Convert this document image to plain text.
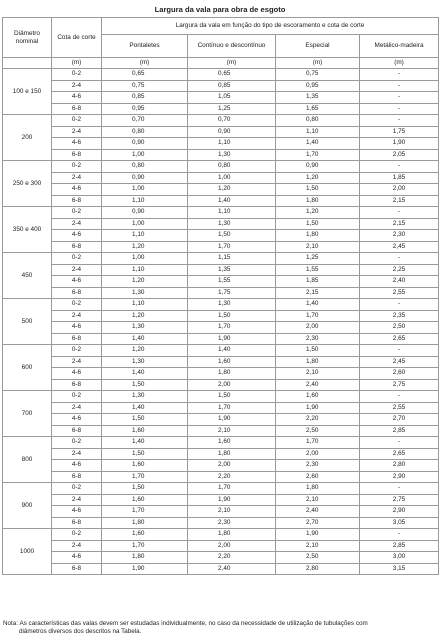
Largura da vala para obra de esgoto
Diâmetro nominal	Cota de corte	Largura da vala em função do tipo de escoramento e cota de corte			
		Pontaletes	Contínuo e descontínuo	Especial	Metálico-madeira
	(m)	(m)	(m)	(m)	(m)
100 e 150	0-2	0,65	0,65	0,75	-
	2-4	0,75	0,85	0,95	-
	4-6	0,85	1,05	1,35	-
	6-8	0,95	1,25	1,65	-
200	0-2	0,70	0,70	0,80	-
	2-4	0,80	0,90	1,10	1,75
	4-6	0,90	1,10	1,40	1,90
	6-8	1,00	1,30	1,70	2,05
250 e 300	0-2	0,80	0,80	0,90	-
	2-4	0,90	1,00	1,20	1,85
	4-6	1,00	1,20	1,50	2,00
	6-8	1,10	1,40	1,80	2,15
350 e 400	0-2	0,90	1,10	1,20	-
	2-4	1,00	1,30	1,50	2,15
	4-6	1,10	1,50	1,80	2,30
	6-8	1,20	1,70	2,10	2,45
450	0-2	1,00	1,15	1,25	-
	2-4	1,10	1,35	1,55	2,25
	4-6	1,20	1,55	1,85	2,40
	6-8	1,30	1,75	2,15	2,55
500	0-2	1,10	1,30	1,40	-
	2-4	1,20	1,50	1,70	2,35
	4-6	1,30	1,70	2,00	2,50
	6-8	1,40	1,90	2,30	2,65
600	0-2	1,20	1,40	1,50	-
	2-4	1,30	1,60	1,80	2,45
	4-6	1,40	1,80	2,10	2,60
	6-8	1,50	2,00	2,40	2,75
700	0-2	1,30	1,50	1,60	-
	2-4	1,40	1,70	1,90	2,55
	4-6	1,50	1,90	2,20	2,70
	6-8	1,60	2,10	2,50	2,85
800	0-2	1,40	1,60	1,70	-
	2-4	1,50	1,80	2,00	2,65
	4-6	1,60	2,00	2,30	2,80
	6-8	1,70	2,20	2,60	2,90
900	0-2	1,50	1,70	1,80	-
	2-4	1,60	1,90	2,10	2,75
	4-6	1,70	2,10	2,40	2,90
	6-8	1,80	2,30	2,70	3,05
1000	0-2	1,60	1,80	1,90	-
	2-4	1,70	2,00	2,10	2,85
	4-6	1,80	2,20	2,50	3,00
	6-8	1,90	2,40	2,80	3,15
Nota: As características das valas devem ser estudadas individualmente, no caso da necessidade de utilização de tubulações com
diâmetros diversos dos descritos na Tabela.
